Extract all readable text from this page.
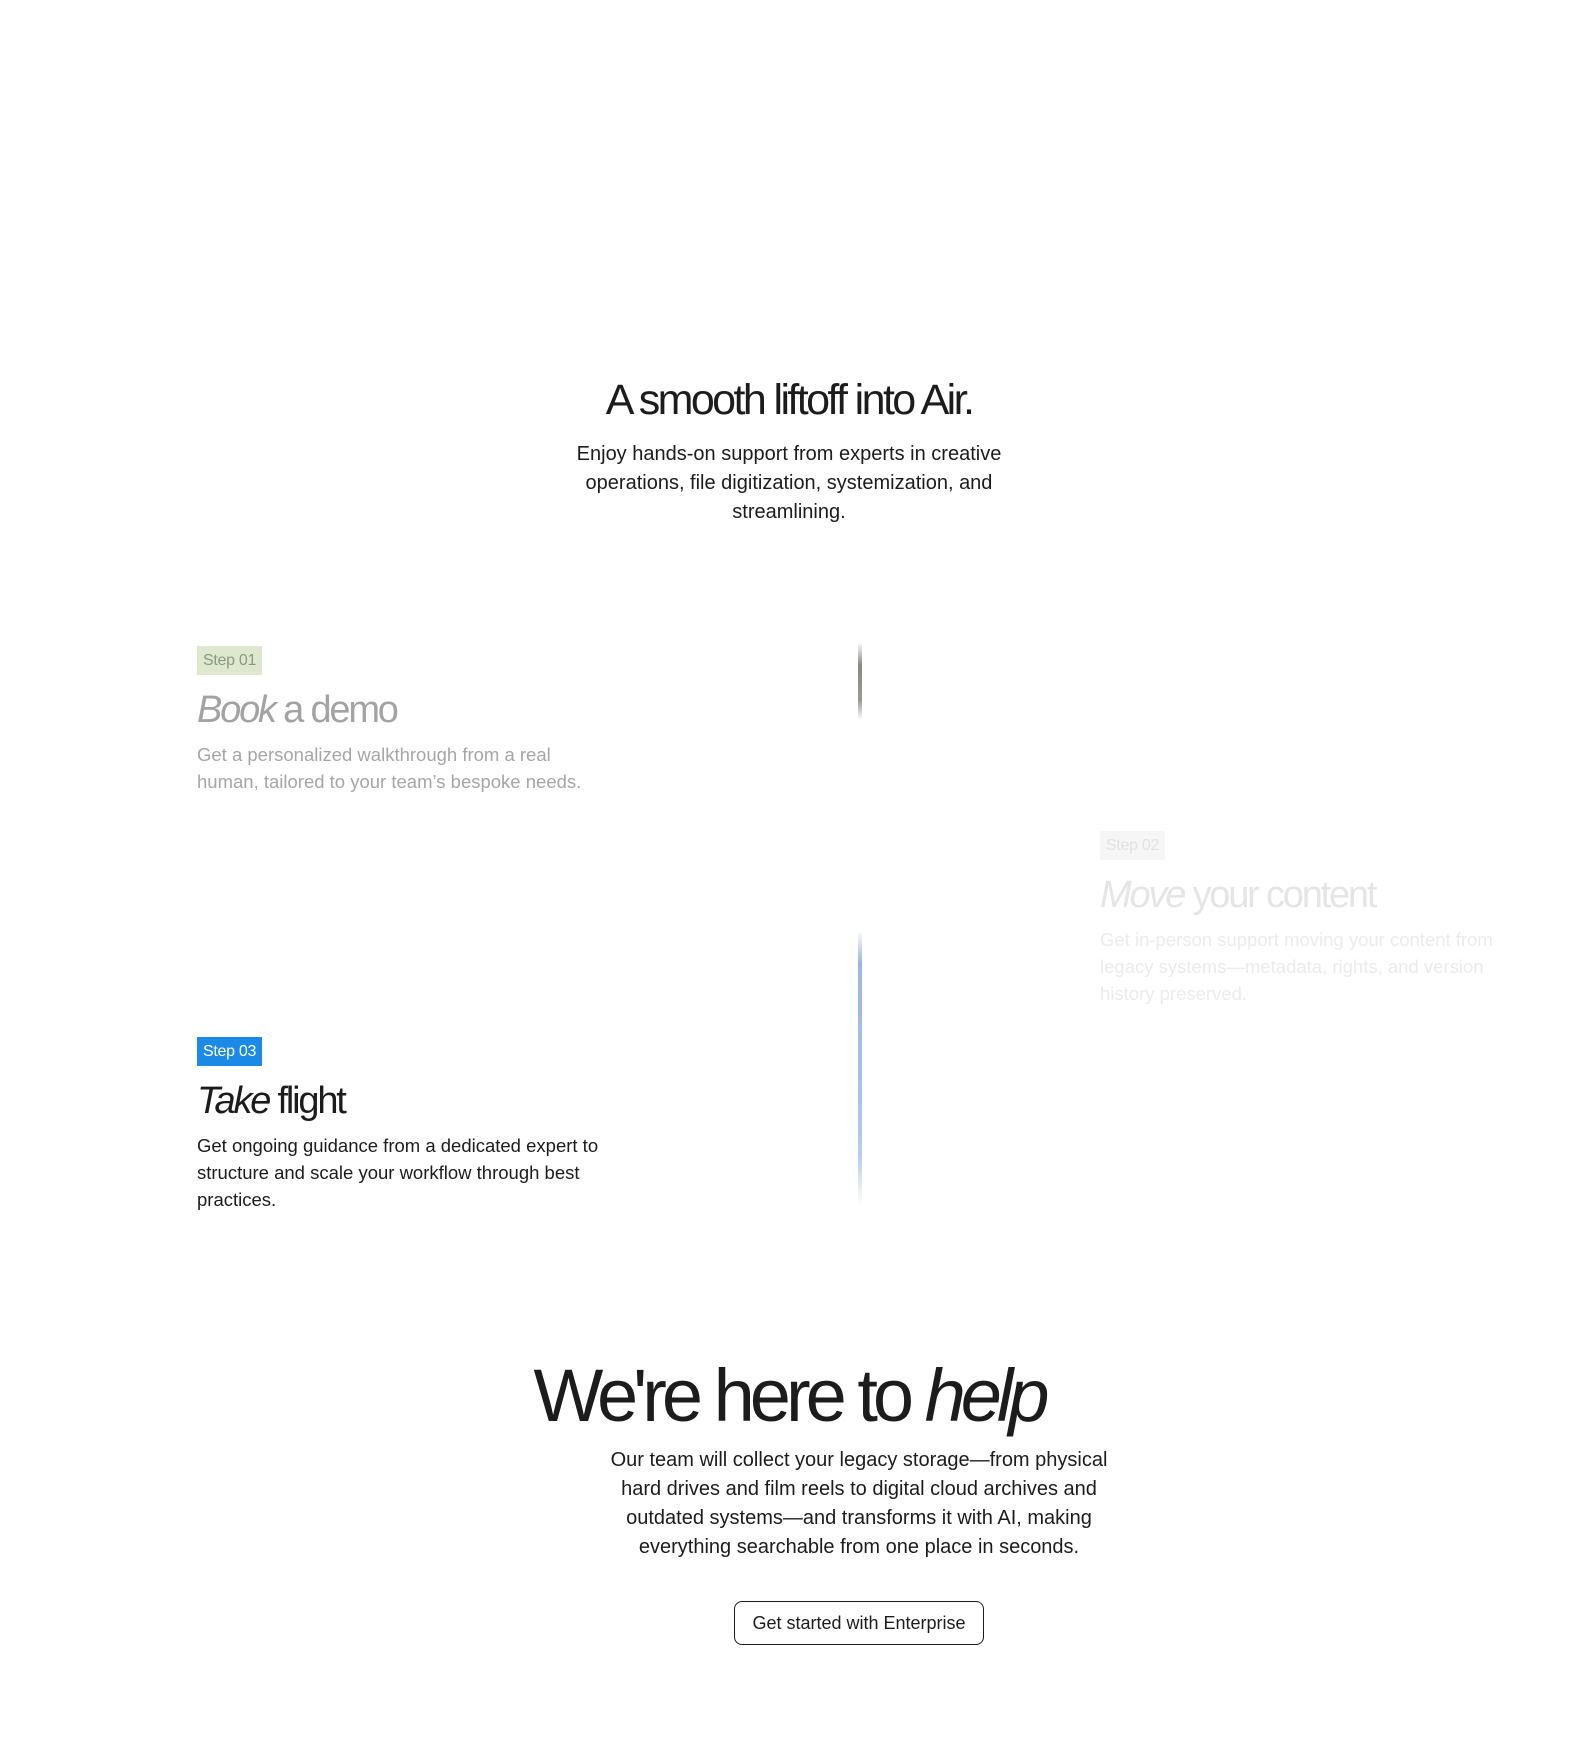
A smooth liftoff into Air.

Enjoy hands-on support from experts in creative operations, file digitization, systemization, and streamlining.

Step 01
Book a demo

Get a personalized walkthrough from a real human, tailored to your team’s bespoke needs.

Step 02
Move your content

Get in-person support moving your content from legacy systems—metadata, rights, and version history preserved.

Step 03
Take flight

Get ongoing guidance from a dedicated expert to structure and scale your workflow through best practices.

We're here to help

Our team will collect your legacy storage—from physical hard drives and film reels to digital cloud archives and outdated systems—and transforms it with AI, making everything searchable from one place in seconds.

Get started with Enterprise
